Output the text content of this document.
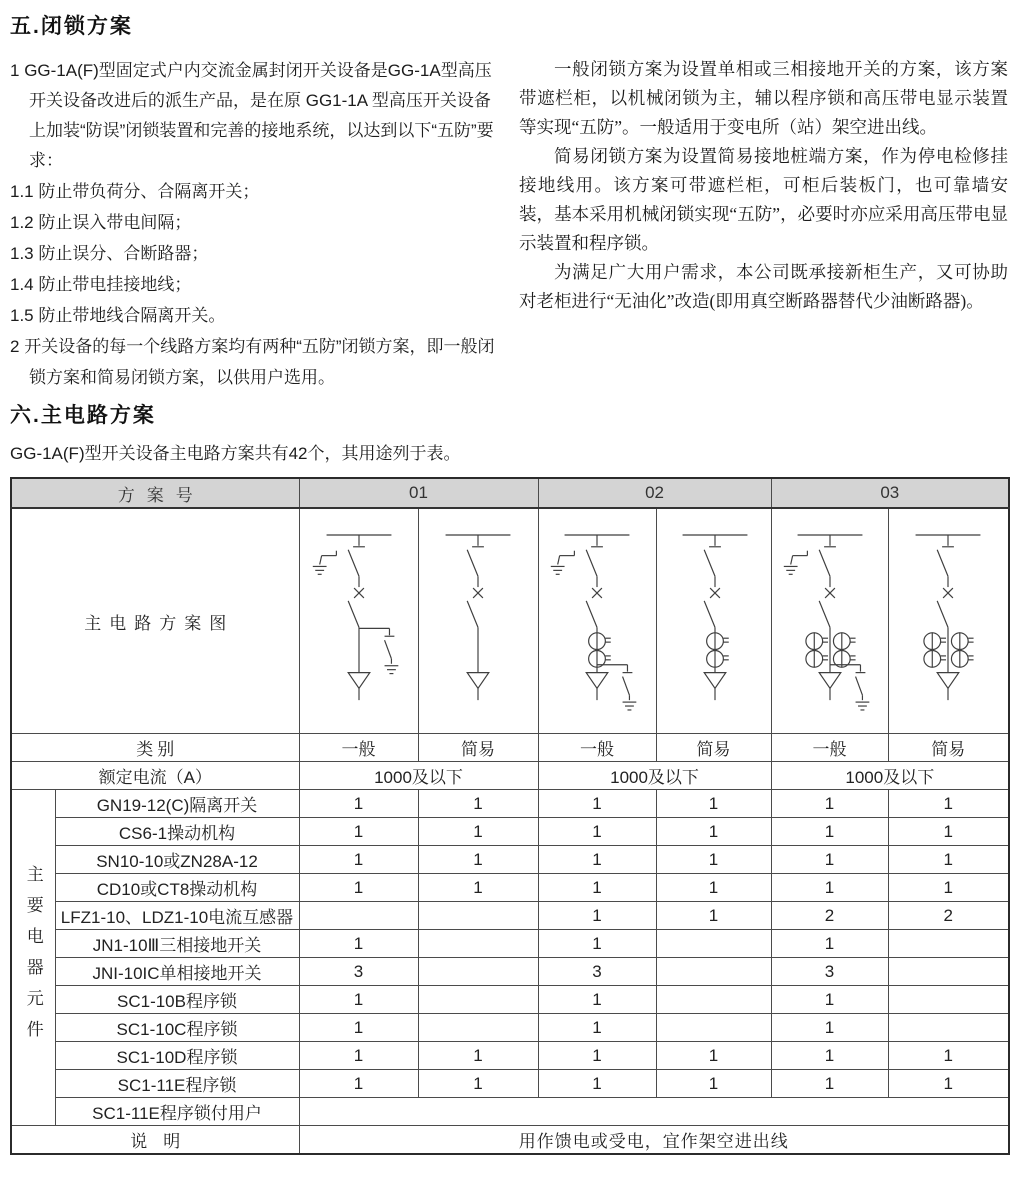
五.闭锁方案

1 GG-1A(F)型固定式户内交流金属封闭开关设备是GG-1A型高压开关设备改进后的派生产品，是在原 GG1-1A 型高压开关设备上加装“防误”闭锁装置和完善的接地系统，以达到以下“五防”要求：

1.1 防止带负荷分、合隔离开关；
1.2 防止误入带电间隔；
1.3 防止误分、合断路器；
1.4 防止带电挂接地线；
1.5 防止带地线合隔离开关。

2 开关设备的每一个线路方案均有两种“五防”闭锁方案，即一般闭锁方案和简易闭锁方案，以供用户选用。

一般闭锁方案为设置单相或三相接地开关的方案，该方案带遮栏柜，以机械闭锁为主，辅以程序锁和高压带电显示装置等实现“五防”。一般适用于变电所（站）架空进出线。

简易闭锁方案为设置简易接地桩端方案，作为停电检修挂接地线用。该方案可带遮栏柜，可柜后装板门，也可靠墙安装，基本采用机械闭锁实现“五防”，必要时亦应采用高压带电显示装置和程序锁。

为满足广大用户需求，本公司既承接新柜生产，又可协助对老柜进行“无油化”改造(即用真空断路器替代少油断路器)。

六.主电路方案

GG-1A(F)型开关设备主电路方案共有42个，其用途列于表。

方案号		01		02		03	
主电路方案图	

类别		一般	简易	一般	简易	一般	简易
额定电流（A）		1000及以下		1000及以下		1000及以下	

主要电器元件	GN19-12(C)隔离开关	1	1	1	1	1	1
	CS6-1操动机构	1	1	1	1	1	1
	SN10-10或ZN28A-12	1	1	1	1	1	1
	CD10或CT8操动机构	1	1	1	1	1	1
	LFZ1-10、LDZ1-10电流互感器			1	1	2	2
	JN1-10Ⅲ三相接地开关	1		1		1	
	JNI-10IC单相接地开关	3		3		3	
	SC1-10B程序锁	1		1		1	
	SC1-10C程序锁	1		1		1	
	SC1-10D程序锁	1	1	1	1	1	1
	SC1-11E程序锁	1	1	1	1	1	1
	SC1-11E程序锁付用户						
说明		用作馈电或受电，宜作架空进出线					
